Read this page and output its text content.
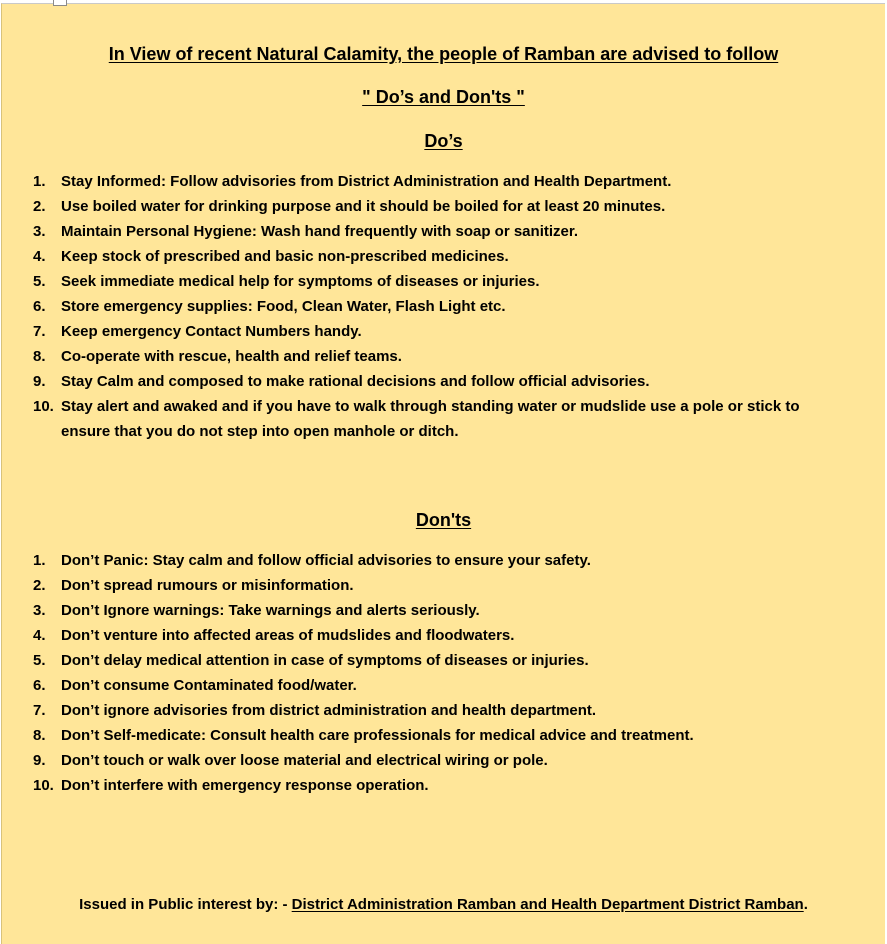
In View of recent Natural Calamity, the people of Ramban are advised to follow
" Do’s and Don'ts "
Do’s
1.	Stay Informed: Follow advisories from District Administration and Health Department.
2.	Use boiled water for drinking purpose and it should be boiled for at least 20 minutes.
3.	Maintain Personal Hygiene: Wash hand frequently with soap or sanitizer.
4.	Keep stock of prescribed and basic non-prescribed medicines.
5.	Seek immediate medical help for symptoms of diseases or injuries.
6.	Store emergency supplies: Food, Clean Water, Flash Light etc.
7.	Keep emergency Contact Numbers handy.
8.	Co-operate with rescue, health and relief teams.
9.	Stay Calm and composed to make rational decisions and follow official advisories.
10. Stay alert and awaked and if you have to walk through standing water or mudslide use a pole or stick to ensure that you do not step into open manhole or ditch.
Don'ts
1.	Don’t Panic: Stay calm and follow official advisories to ensure your safety.
2.	Don’t spread rumours or misinformation.
3.	Don’t Ignore warnings: Take warnings and alerts seriously.
4.	Don’t venture into affected areas of mudslides and floodwaters.
5.	Don’t delay medical attention in case of symptoms of diseases or injuries.
6.	Don’t consume Contaminated food/water.
7.	Don’t ignore advisories from district administration and health department.
8.	Don’t Self-medicate: Consult health care professionals for medical advice and treatment.
9.	Don’t touch or walk over loose material and electrical wiring or pole.
10. Don’t interfere with emergency response operation.
Issued in Public interest by: - District Administration Ramban and Health Department District Ramban.
